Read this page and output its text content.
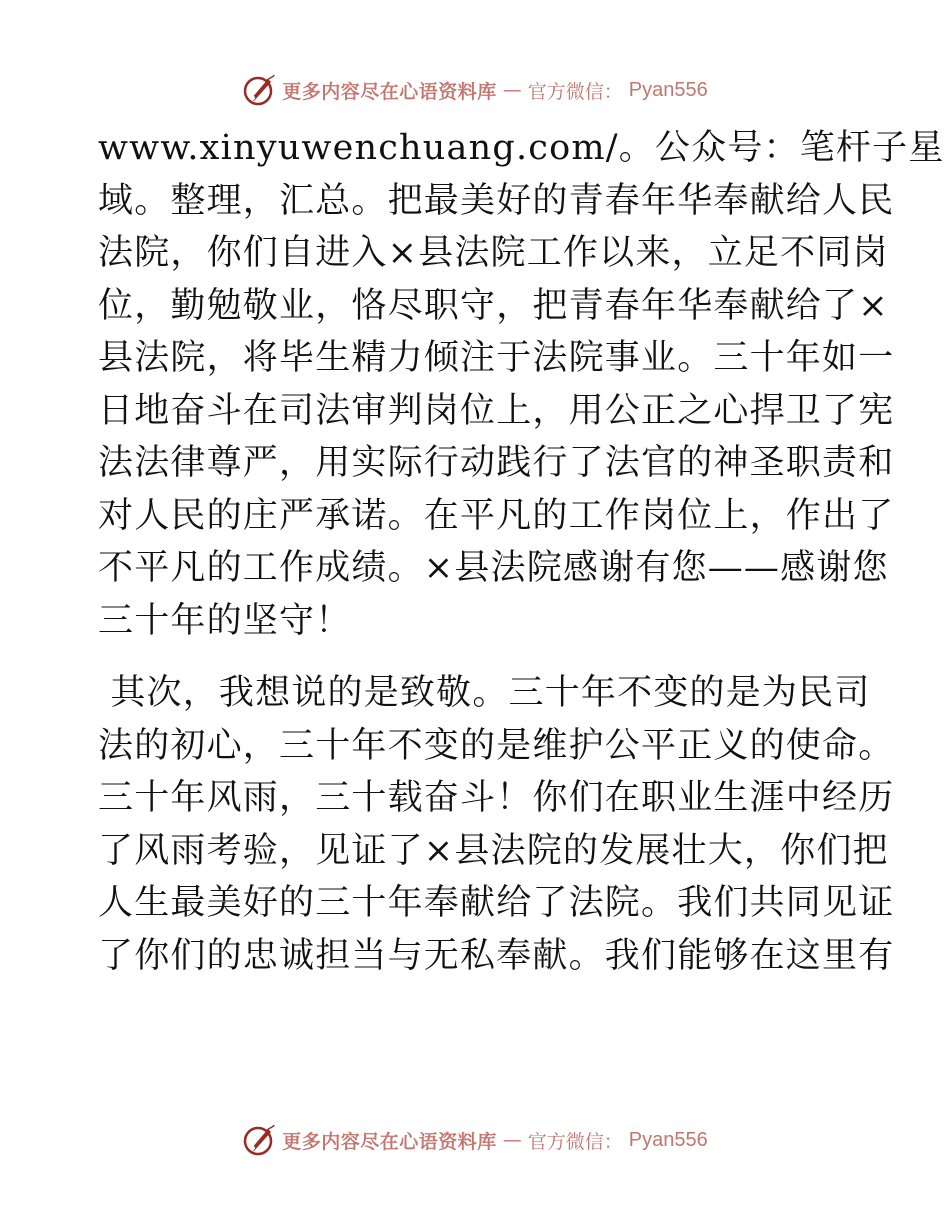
更多内容尽在心语资料库 — 官方微信： Pyan556

www.xinyuwenchuang.com/。公众号：笔杆子星
域。整理，汇总。把最美好的青春年华奉献给人民
法院，你们自进入×县法院工作以来，立足不同岗
位，勤勉敬业，恪尽职守，把青春年华奉献给了×
县法院，将毕生精力倾注于法院事业。三十年如一
日地奋斗在司法审判岗位上，用公正之心捍卫了宪
法法律尊严，用实际行动践行了法官的神圣职责和
对人民的庄严承诺。在平凡的工作岗位上，作出了
不平凡的工作成绩。×县法院感谢有您——感谢您
三十年的坚守！

其次，我想说的是致敬。三十年不变的是为民司
法的初心，三十年不变的是维护公平正义的使命。
三十年风雨，三十载奋斗！你们在职业生涯中经历
了风雨考验，见证了×县法院的发展壮大，你们把
人生最美好的三十年奉献给了法院。我们共同见证
了你们的忠诚担当与无私奉献。我们能够在这里有

更多内容尽在心语资料库 — 官方微信： Pyan556
